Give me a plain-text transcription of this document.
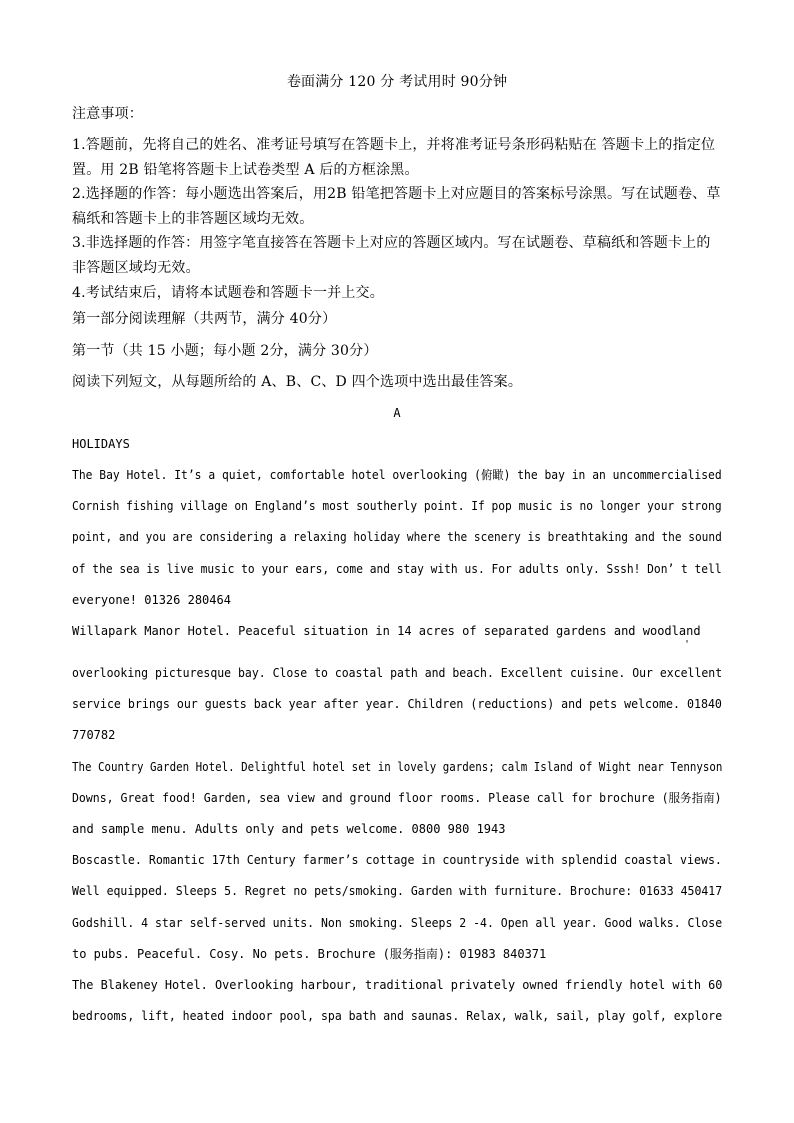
卷面满分 120 分 考试用时 90分钟
注意事项：
1.答题前，先将自己的姓名、准考证号填写在答题卡上，并将准考证号条形码粘贴在 答题卡上的指定位
置。用 2B 铅笔将答题卡上试卷类型 A 后的方框涂黑。
2.选择题的作答：每小题选出答案后，用2B 铅笔把答题卡上对应题目的答案标号涂黑。写在试题卷、草
稿纸和答题卡上的非答题区域均无效。
3.非选择题的作答：用签字笔直接答在答题卡上对应的答题区域内。写在试题卷、草稿纸和答题卡上的
非答题区域均无效。
4.考试结束后，请将本试题卷和答题卡一并上交。
第一部分阅读理解（共两节，满分 40分）
第一节（共 15 小题；每小题 2分，满分 30分）
阅读下列短文，从每题所给的 A、B、C、D 四个选项中选出最佳答案。
A
HOLIDAYS
The Bay Hotel. It’s a quiet, comfortable hotel overlooking (俯瞰) the bay in an uncommercialised
Cornish fishing village on England’s most southerly point. If pop music is no longer your strong
point, and you are considering a relaxing holiday where the scenery is breathtaking and the sound
of the sea is live music to your ears, come and stay with us. For adults only. Sssh! Don’ t tell
everyone! 01326 280464
Willapark Manor Hotel. Peaceful situation in 14 acres of separated gardens and woodland
'
overlooking picturesque bay. Close to coastal path and beach. Excellent cuisine. Our excellent
service brings our guests back year after year. Children (reductions) and pets welcome. 01840
770782
The Country Garden Hotel. Delightful hotel set in lovely gardens; calm Island of Wight near Tennyson
Downs, Great food! Garden, sea view and ground floor rooms. Please call for brochure (服务指南)
and sample menu. Adults only and pets welcome. 0800 980 1943
Boscastle. Romantic 17th Century farmer’s cottage in countryside with splendid coastal views.
Well equipped. Sleeps 5. Regret no pets/smoking. Garden with furniture. Brochure: 01633 450417
Godshill. 4 star self-served units. Non smoking. Sleeps 2 -4. Open all year. Good walks. Close
to pubs. Peaceful. Cosy. No pets. Brochure (服务指南): 01983 840371
The Blakeney Hotel. Overlooking harbour, traditional privately owned friendly hotel with 60
bedrooms, lift, heated indoor pool, spa bath and saunas. Relax, walk, sail, play golf, explore
